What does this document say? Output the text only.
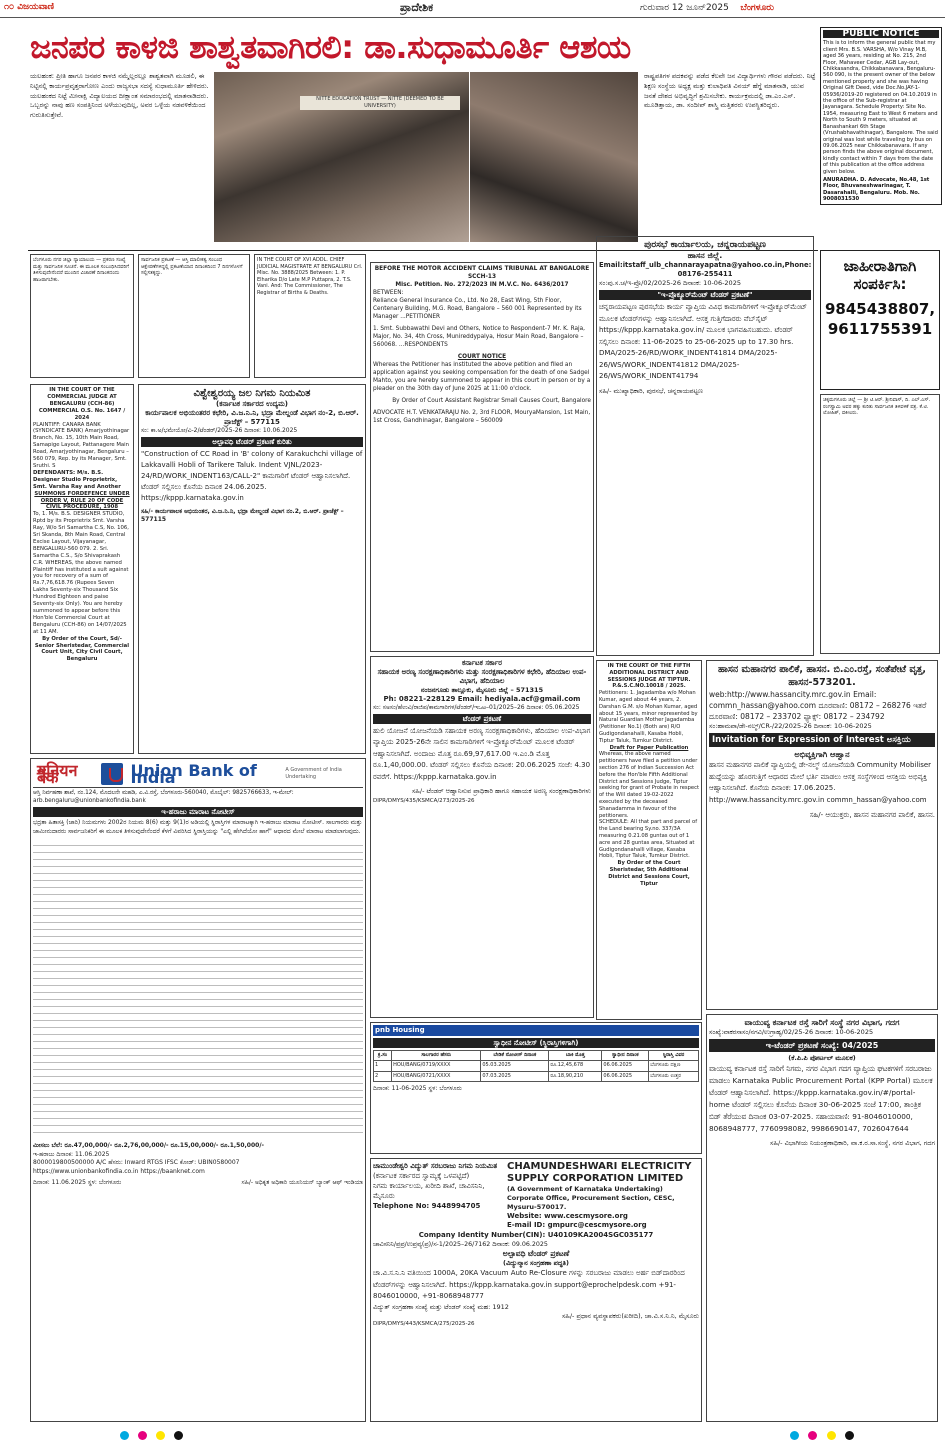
೧೦ ವಿಜಯವಾಣಿ	ಪ್ರಾದೇಶಿಕ	ಗುರುವಾರ 12 ಜೂನ್2025 ಬೆಂಗಳೂರು
ಜನಪರ ಕಾಳಜಿ ಶಾಶ್ವತವಾಗಿರಲಿ: ಡಾ.ಸುಧಾಮೂರ್ತಿ ಆಶಯ
ಯಲಹಂಕ: ಪ್ರೀತಿ ಹಾಗೂ ಜನಪರ ಕಾಳಜಿ ನಮ್ಮೆಲ್ಲರಲ್ಲೂ ಶಾಶ್ವತವಾಗಿ ಮೂಡಲಿ, ಈ ನಿಟ್ಟಿನಲ್ಲಿ ಕಾರ್ಯಪ್ರವೃತ್ತರಾಗೋಣ ಎಂದು ರಾಜ್ಯಸಭಾ ಸದಸ್ಯೆ ಸುಧಾಮೂರ್ತಿ ಹೇಳಿದರು. ಯಲಹಂಕದ ನಿಟ್ಟೆ ಮೀನಾಕ್ಷಿ ವಿದ್ಯಾಲಯದ ದೀಕ್ಷಾಂತ ಸಮಾರಂಭದಲ್ಲಿ ಮಾತನಾಡಿದರು. ಒಬ್ಬರನ್ನು ನಾವು ಹಣ ಸಂಪತ್ತಿನಿಂದ ಅಳೆಯುವುದಿಲ್ಲ, ಅವರ ಒಳ್ಳೆಯ ನಡವಳಿಕೆಯಿಂದ ಗುರುತಿಸುತ್ತೇವೆ.
NITTE EDUCATION TRUST — NITTE (DEEMED TO BE UNIVERSITY)
ರಾಷ್ಟ್ರಪತಿಗಳ ಪದಕವನ್ನು ಪಡೆದ ಕೆಲವೇ ಜನ ವಿದ್ಯಾರ್ಥಿಗಳು ಗೌರವ ಪಡೆದರು. ನಿಟ್ಟೆ ಶಿಕ್ಷಣ ಸಂಸ್ಥೆಯ ಅಧ್ಯಕ್ಷ ಮತ್ತು ಕುಲಾಧಿಪತಿ ವಿನಯ್ ಹೆಗ್ಡೆ ಮಾತನಾಡಿ, ಯುವ ಜನತೆ ದೇಶದ ಅಭಿವೃದ್ಧಿಗೆ ಶ್ರಮಿಸಬೇಕು. ಕಾರ್ಯಕ್ರಮದಲ್ಲಿ ಡಾ.ಎಂ.ಎಸ್. ಮೂಡಿತ್ತಾಯ, ಡಾ. ಸಂದೀಪ್ ಶಾಸ್ತ್ರಿ ಮತ್ತಿತರರು ಉಪಸ್ಥಿತರಿದ್ದರು.
PUBLIC NOTICE
This is to inform the general public that my client Mrs. B.S. VARSHA, W/o Vinay M.B, aged 36 years, residing at No. 215, 2nd Floor, Mahaveer Cedar, AGB Lay-out, Chikkasandra, Chikkabanavara, Bengaluru-560 090, is the present owner of the below mentioned property and she was having Original Gift Deed, vide Doc.No.JAY-1-05936/2019-20 registered on 04.10.2019 in the office of the Sub-registrar at Jayanagara. Schedule Property: Site No. 1954, measuring East to West 6 meters and North to South 9 meters, situated at Banashankari 6th Stage (Vrushabhavathinagar), Bangalore. The said original was lost while traveling by bus on 09.06.2025 near Chikkabanavara. If any person finds the above original document, kindly contact within 7 days from the date of this publication at the office address given below.
ANURADHA. D. Advocate, No.48, 1st Floor, Bhuvaneshwarinagar, T. Dasarahalli, Bengaluru. Mob. No. 9008031530
ಜಾಹೀರಾತಿಗಾಗಿ ಸಂಪರ್ಕಿಸಿ:
9845438807, 9611755391
ಬೆಂಗಳೂರು ನಗರ ಜಿಲ್ಲಾ ನ್ಯಾಯಾಲಯ — ಪ್ರಕರಣ ಸಂಖ್ಯೆ ಮತ್ತು ಸಾರ್ವಜನಿಕ ಸೂಚನೆ. ಈ ಮೂಲಕ ಸಂಬಂಧಿಸಿದವರಿಗೆ ತಿಳಿಸುವುದೇನೆಂದರೆ ಮುಂದಿನ ವಿಚಾರಣೆ ದಿನಾಂಕದಂದು ಹಾಜರಾಗಬೇಕು.
ಸಾರ್ವಜನಿಕ ಪ್ರಕಟಣೆ — ಆಸ್ತಿ ಮಾಲೀಕತ್ವ ಸಂಬಂಧ ಆಕ್ಷೇಪಣೆಗಳಿದ್ದಲ್ಲಿ ಪ್ರಕಟಣೆಯಾದ ದಿನಾಂಕದಿಂದ 7 ದಿನಗಳೊಳಗೆ ಸಲ್ಲಿಸತಕ್ಕದ್ದು.
IN THE COURT OF XVI ADDL. CHIEF JUDICIAL MAGISTRATE AT BENGALURU Crl. Misc. No. 3888/2025 Between: 1. P. Elharika D/o Late M.P Puttapra, 2. T.S. Vani. And: The Commissioner, The Registrar of Births & Deaths.
IN THE COURT OF THE COMMERCIAL JUDGE AT BENGALURU (CCH-86) COMMERCIAL O.S. No. 1647 / 2024
PLAINTIFF: CANARA BANK (SYNDICATE BANK) Amarjyothinagar Branch, No. 15, 10th Main Road, Samapige Layout, Pattanagere Main Road, Amarjyothinagar, Bengaluru – 560 079, Rep. by its Manager, Smt. Sruthi. S
DEFENDANTS: M/s. B.S. Designer Studio Proprietrix, Smt. Varsha Ray and Another
SUMMONS FORDEFENCE UNDER ORDER V, RULE 20 OF CODE CIVIL PROCEDURE, 1908
To, 1. M/s. B.S. DESIGNER STUDIO, Rptd by its Proprietrix Smt. Varsha Ray, W/o Sri Samartha C.S, No. 106, Sri Skanda, 8th Main Road, Central Excise Layout, Vijayanagar, BENGALURU-560 079. 2. Sri. Samartha C.S., S/o Shivaprakash C.R. WHEREAS, the above named Plaintiff has instituted a suit against you for recovery of a sum of Rs.7,76,618.76 (Rupees Seven Lakhs Seventy-six Thousand Six Hundred Eighteen and paise Seventy-six Only). You are hereby summoned to appear before this Hon'ble Commercial Court at Bengaluru (CCH-86) on 14/07/2025 at 11 AM.
By Order of the Court, Sd/- Senior Sheristedar, Commercial Court Unit, City Civil Court, Bengaluru
ವಿಶ್ವೇಶ್ವರಯ್ಯ ಜಲ ನಿಗಮ ನಿಯಮಿತ
(ಕರ್ನಾಟಕ ಸರ್ಕಾರದ ಉದ್ಯಮ)
ಕಾರ್ಯಪಾಲಕ ಅಭಿಯಂತರರ ಕಛೇರಿ, ವಿ.ಜ.ನಿ.ನಿ, ಭದ್ರಾ ಮೇಲ್ದಂಡೆ ವಿಭಾಗ ನಂ-2, ಬಿ.ಆರ್. ಪ್ರಾಜೆಕ್ಟ್ – 577115
ಸಂ: ಕಾ.ಅ/ಭಮೇಯೋ/ವಿ-2/ಟೆಂಡರ್/2025-26 ದಿನಾಂಕ: 10.06.2025
ಅಲ್ಪಾವಧಿ ಟೆಂಡರ್ ಪ್ರಕಟಣೆ ಕುರಿತು
"Construction of CC Road in 'B' colony of Karakuchchi village of Lakkavalli Hobli of Tarikere Taluk. Indent VJNL/2023-24/RD/WORK_INDENT163/CALL-2" ಕಾಮಗಾರಿಗೆ ಟೆಂಡರ್ ಆಹ್ವಾನಿಸಲಾಗಿದೆ. ಟೆಂಡರ್ ಸಲ್ಲಿಸಲು ಕೊನೆಯ ದಿನಾಂಕ 24.06.2025. https://kppp.karnataka.gov.in
ಸಹಿ/- ಕಾರ್ಯಪಾಲಕ ಅಭಿಯಂತರ, ವಿ.ಜ.ನಿ.ನಿ, ಭದ್ರಾ ಮೇಲ್ದಂಡೆ ವಿಭಾಗ ನಂ.2, ಬಿ.ಆರ್. ಪ್ರಾಜೆಕ್ಟ್ – 577115
BEFORE THE MOTOR ACCIDENT CLAIMS TRIBUNAL AT BANGALORE SCCH-13
Misc. Petition. No. 272/2023 IN M.V.C. No. 6436/2017
BETWEEN:
Reliance General Insurance Co., Ltd. No 28, East Wing, 5th Floor, Centenary Building, M.G. Road, Bangalore – 560 001 Represented by its Manager ...PETITIONER
1. Smt. Subbawathi Devi and Others, Notice to Respondent-7 Mr. K. Raja, Major, No. 34, 4th Cross, Munireddypalya, Hosur Main Road, Bangalore – 560068. ...RESPONDENTS
COURT NOTICE
Whereas the Petitioner has instituted the above petition and filed an application against you seeking compensation for the death of one Sadgel Mahto, you are hereby summoned to appear in this court in person or by a pleader on the 30th day of June 2025 at 11:00 o'clock.
By Order of Court Assistant Registrar Small Causes Court, Bangalore
ADVOCATE H.T. VENKATARAJU No. 2, 3rd FLOOR, MouryaMansion, 1st Main, 1st Cross, Gandhinagar, Bangalore – 560009
ಪುರಸಭೆ ಕಾರ್ಯಾಲಯ, ಚನ್ನರಾಯಪಟ್ಟಣ
ಹಾಸನ ಜಿಲ್ಲೆ.
Email:itstaff_ulb_channarayapatna@yahoo.co.in,Phone: 08176-255411
ಸಂ:ಪು.ಸ.ಚ/ಇ-ಪ್ರೊ/02/2025-26 ದಿನಾಂಕ: 10-06-2025
"ಇ-ಪ್ರೊಕ್ಯೂರ್‌ಮೆಂಟ್ ಟೆಂಡರ್ ಪ್ರಕಟಣೆ"
ಚನ್ನರಾಯಪಟ್ಟಣ ಪುರಸಭೆಯ ಕಾರ್ಯ ವ್ಯಾಪ್ತಿಯ ವಿವಿಧ ಕಾಮಗಾರಿಗಳಿಗೆ ಇ-ಪ್ರೊಕ್ಯೂರ್‌ಮೆಂಟ್ ಮೂಲಕ ಟೆಂಡರ್‌ಗಳನ್ನು ಆಹ್ವಾನಿಸಲಾಗಿದೆ. ಆಸಕ್ತ ಗುತ್ತಿಗೆದಾರರು ವೆಬ್‌ಸೈಟ್ https://kppp.karnataka.gov.in/ ಮೂಲಕ ಭಾಗವಹಿಸಬಹುದು. ಟೆಂಡರ್ ಸಲ್ಲಿಸಲು ದಿನಾಂಕ: 11-06-2025 to 25-06-2025 up to 17.30 hrs. DMA/2025-26/RD/WORK_INDENT41814 DMA/2025-26/WS/WORK_INDENT41812 DMA/2025-26/WS/WORK_INDENT41794
ಸಹಿ/- ಮುಖ್ಯಾಧಿಕಾರಿ, ಪುರಸಭೆ, ಚನ್ನರಾಯಪಟ್ಟಣ
ಚಿಕ್ಕಮಗಳೂರು ಜಿಲ್ಲೆ — ಶ್ರೀ ಟಿ.ಆರ್. ಶ್ರೀನಿವಾಸ್, ದಿ. ಎಲ್.ಎಸ್. ರಂಗಸ್ವಾಮಿ ಅವರ ಹಕ್ಕು ಕುರಿತು ಸಾರ್ವಜನಿಕ ತಿಳಿವಳಿಕೆ ಪತ್ರ. ಕೆ.ಟಿ. ಲೋಹಿತ್, ವಕೀಲರು.
ಕರ್ನಾಟಕ ಸರ್ಕಾರ
ಸಹಾಯಕ ಅರಣ್ಯ ಸಂರಕ್ಷಣಾಧಿಕಾರಿಗಳು ಮತ್ತು ಸಂರಕ್ಷಣಾಧಿಕಾರಿಗಳ ಕಛೇರಿ, ಹೆದಿಯಾಲ ಉಪ-ವಿಭಾಗ, ಹೆದಿಯಾಲ
ನಂಜನಗೂಡು ತಾಲ್ಲೂಕು, ಮೈಸೂರು ಜಿಲ್ಲೆ – 571315
Ph: 08221-228129 Email: hediyala.acf@gmail.com
ಸಂ: ಸಅಸಂ/ಹೆಉವಿ/ರಾಜಿಪ/ಕಾಮಗಾರಿಗಳ/ಟೆಂಡರ್/ಇಒಟ–01/2025–26 ದಿನಾಂಕ: 05.06.2025
ಟೆಂಡರ್ ಪ್ರಕಟಣೆ
ಹುಲಿ ಯೋಜನೆ ಯೋಜನೆಯಡಿ ಸಹಾಯಕ ಅರಣ್ಯ ಸಂರಕ್ಷಣಾಧಿಕಾರಿಗಳು, ಹೆದಿಯಾಲ ಉಪ-ವಿಭಾಗ ವ್ಯಾಪ್ತಿಯ 2025-26ನೇ ಸಾಲಿನ ಕಾಮಗಾರಿಗಳಿಗೆ ಇ-ಪ್ರೊಕ್ಯೂರ್‌ಮೆಂಟ್ ಮೂಲಕ ಟೆಂಡರ್ ಆಹ್ವಾನಿಸಲಾಗಿದೆ. ಅಂದಾಜು ಮೊತ್ತ ರೂ.69,97,617.00 ಇ.ಎಂ.ಡಿ ಮೊತ್ತ ರೂ.1,40,000.00. ಟೆಂಡರ್ ಸಲ್ಲಿಸಲು ಕೊನೆಯ ದಿನಾಂಕ: 20.06.2025 ಸಂಜೆ: 4.30 ರವರೆಗೆ. https://kppp.karnataka.gov.in
ಸಹಿ/- ಟೆಂಡರ್ ಆಹ್ವಾನಿಸುವ ಪ್ರಾಧಿಕಾರಿ ಹಾಗೂ ಸಹಾಯಕ ಅರಣ್ಯ ಸಂರಕ್ಷಣಾಧಿಕಾರಿಗಳು
DIPR/DMYS/435/KSMCA/273/2025-26
IN THE COURT OF THE FIFTH ADDITIONAL DISTRICT AND SESSIONS JUDGE AT TIPTUR.
P.&.S.C.NO.10018 / 2025.
Petitioners: 1. Jagadamba w/o Mohan Kumar, aged about 44 years, 2. Darshan G.M. s/o Mohan Kumar, aged about 15 years, minor represented by Natural Guardian Mother Jagadamba (Petitioner No.1) (Both are) R/O Gudigondanahalli, Kasaba Hobli, Tiptur Taluk, Tumkur District.
Draft for Paper Publication
Whereas, the above named petitioners have filed a petition under section 276 of Indian Succession Act before the Hon'ble Fifth Additional District and Sessions Judge, Tiptur seeking for grant of Probate in respect of the Will dated 19-02-2022 executed by the deceased Shanadamma in favour of the petitioners.
SCHEDULE: All that part and parcel of the Land bearing Sy.no. 337/3A measuring 0.21.08 guntas out of 1 acre and 28 guntas area, Situated at Gudigondanahalli village, Kasaba Hobli, Tiptur Taluk, Tumkur District.
By Order of the Court Sheristedar, 5th Additional District and Sessions Court, Tiptur
ಹಾಸನ ಮಹಾನಗರ ಪಾಲಿಕೆ, ಹಾಸನ. ಬಿ.ಎಂ.ರಸ್ತೆ, ಸಂತೆಪೇಟೆ ವೃತ್ತ, ಹಾಸನ-573201.
web:http://www.hassancity.mrc.gov.in Email: commn_hassan@yahoo.com ದೂರವಾಣಿ: 08172 – 268276 ಇತರೆ ದೂರವಾಣಿ: 08172 – 233702 ಫ್ಯಾಕ್ಸ್: 08172 – 234792
ಸಂ:ಹಾಮಪಾ/ಡೇ-ನಲ್ಮ್/CR-/22/2025-26 ದಿನಾಂಕ: 10-06-2025
Invitation for Expression of Interest ಅಸಕ್ತಿಯ
ಅಭಿವ್ಯಕ್ತಿಗಾಗಿ ಆಹ್ವಾನ
ಹಾಸನ ಮಹಾನಗರ ಪಾಲಿಕೆ ವ್ಯಾಪ್ತಿಯಲ್ಲಿ ಡೇ-ನಲ್ಮ್ ಯೋಜನೆಯಡಿ Community Mobiliser ಹುದ್ದೆಯನ್ನು ಹೊರಗುತ್ತಿಗೆ ಆಧಾರದ ಮೇಲೆ ಭರ್ತಿ ಮಾಡಲು ಆಸಕ್ತ ಸಂಸ್ಥೆಗಳಿಂದ ಆಸಕ್ತಿಯ ಅಭಿವ್ಯಕ್ತಿ ಆಹ್ವಾನಿಸಲಾಗಿದೆ. ಕೊನೆಯ ದಿನಾಂಕ: 17.06.2025. http://www.hassancity.mrc.gov.in commn_hassan@yahoo.com
ಸಹಿ/- ಆಯುಕ್ತರು, ಹಾಸನ ಮಹಾನಗರ ಪಾಲಿಕೆ, ಹಾಸನ.
यूनियन बैंक	Union Bank of India	A Government of India Undertaking
ಆಸ್ತಿ ನಿರ್ವಹಣಾ ಶಾಖೆ, ನಂ.124, ಮೊದಲನೇ ಮಹಡಿ, ಎ.ವಿ.ರಸ್ತೆ, ಬೆಂಗಳೂರು-560040, ಮೊಬೈಲ್: 9825766633, ಇ-ಮೇಲ್: arb.bengaluru@unionbankofindia.bank
ಇ-ಹರಾಜು ಮಾರಾಟ ನೋಟೀಸ್
ಭದ್ರತಾ ಹಿತಾಸಕ್ತಿ (ಜಾರಿ) ನಿಯಮಗಳು 2002ರ ನಿಯಮ 8(6) ಮತ್ತು 9(1)ರ ಅಡಿಯಲ್ಲಿ ಸ್ಥಿರಾಸ್ತಿಗಳ ಮಾರಾಟಕ್ಕಾಗಿ ಇ-ಹರಾಜು ಮಾರಾಟ ನೋಟೀಸ್. ಸಾಲಗಾರರು ಮತ್ತು ಜಾಮೀನುದಾರರು ಸಾರ್ವಜನಿಕರಿಗೆ ಈ ಮೂಲಕ ತಿಳಿಸುವುದೇನೆಂದರೆ ಕೆಳಗೆ ವಿವರಿಸಿದ ಸ್ಥಿರಾಸ್ತಿಯನ್ನು "ಎಲ್ಲಿ ಹೇಗಿದೆಯೋ ಹಾಗೆ" ಆಧಾರದ ಮೇಲೆ ಮಾರಾಟ ಮಾಡಲಾಗುವುದು.
ಮೀಸಲು ಬೆಲೆ: ರೂ.47,00,000/- ರೂ.2,76,00,000/- ರೂ.15,00,000/- ರೂ.1,50,000/-
ಇ-ಹರಾಜು ದಿನಾಂಕ: 11.06.2025
8000019800500000 A/C ಹೆಸರು: Inward RTGS IFSC ಕೋಡ್: UBIN0580007
https://www.unionbankofindia.co.in https://baanknet.com
ದಿನಾಂಕ: 11.06.2025 ಸ್ಥಳ: ಬೆಂಗಳೂರು	ಸಹಿ/- ಅಧಿಕೃತ ಅಧಿಕಾರಿ ಯೂನಿಯನ್ ಬ್ಯಾಂಕ್ ಆಫ್ ಇಂಡಿಯಾ
pnb Housing
ಸ್ವಾಧೀನ ನೋಟೀಸ್ (ಸ್ಥಿರಾಸ್ತಿಗಳಿಗಾಗಿ)
ಕ್ರ.ಸಂ	ಸಾಲಗಾರರ ಹೆಸರು	ಬೇಡಿಕೆ ನೋಟೀಸ್ ದಿನಾಂಕ	ಬಾಕಿ ಮೊತ್ತ	ಸ್ವಾಧೀನ ದಿನಾಂಕ	ಸ್ಥಿರಾಸ್ತಿ ವಿವರ
1	HOU/BANG/0719/XXXX	05.03.2025	ರೂ.12,45,678	06.06.2025	ಬೆಂಗಳೂರು ದಕ್ಷಿಣ
2	HOU/BANG/0721/XXXX	07.03.2025	ರೂ.18,90,210	06.06.2025	ಬೆಂಗಳೂರು ಉತ್ತರ
ದಿನಾಂಕ: 11-06-2025 ಸ್ಥಳ: ಬೆಂಗಳೂರು
ಚಾಮುಂಡೇಶ್ವರಿ ವಿದ್ಯುತ್ ಸರಬರಾಜು ನಿಗಮ ನಿಯಮಿತ
(ಕರ್ನಾಟಕ ಸರ್ಕಾರದ ಸ್ವಾಮ್ಯಕ್ಕೆ ಒಳಪಟ್ಟಿದೆ)
ನಿಗಮ ಕಾರ್ಯಾಲಯ, ಖರೀದಿ ಶಾಖೆ, ಚಾವಿಸನಿನಿ, ಮೈಸೂರು
Telephone No: 9448994705
CHAMUNDESHWARI ELECTRICITY SUPPLY CORPORATION LIMITED
(A Government of Karnataka Undertaking) Corporate Office, Procurement Section, CESC, Mysuru-570017.
Website: www.cescmysore.org
E-mail ID: gmpurc@cescmysore.org
Company Identity Number(CIN): U40109KA2004SGC035177
ಚಾವಿಸನಿನಿ/ಪ್ರಪ್ರ/ಉಪ್ರವ್ಯ(ಪ್ರ)/ಸ-1/2025–26/7162 ದಿನಾಂಕ: 09.06.2025
ಅಲ್ಪಾವಧಿ ಟೆಂಡರ್ ಪ್ರಕಟಣೆ
(ವಿದ್ಯುನ್ಮಾನ ಸಂಗ್ರಹಣಾ ಪದ್ಧತಿ)
ಚಾ.ವಿ.ಸ.ನಿ.ನಿ ವತಿಯಿಂದ 1000A, 20KA Vacuum Auto Re-Closure ಗಳನ್ನು ಸರಬರಾಜು ಮಾಡಲು ಅರ್ಹ ಬಿಡ್‌ದಾರರಿಂದ ಟೆಂಡರ್‌ಗಳನ್ನು ಆಹ್ವಾನಿಸಲಾಗಿದೆ. https://kppp.karnataka.gov.in support@eproc​helpdesk.com +91-8046010000, +91-8068948777
ವಿದ್ಯುತ್ ಸಂಗ್ರಹಣಾ ಸಂಖ್ಯೆ ಮತ್ತು ಟೆಂಡರ್ ಸಂಖ್ಯೆ ಮಹ: 1912
ಸಹಿ/- ಪ್ರಧಾನ ವ್ಯವಸ್ಥಾಪಕರು(ಖರೀದಿ), ಚಾ.ವಿ.ಸ.ನಿ.ನಿ, ಮೈಸೂರು
DIPR/DMYS/443/KSMCA/275/2025-26
ವಾಯುವ್ಯ ಕರ್ನಾಟಕ ರಸ್ತೆ ಸಾರಿಗೆ ಸಂಸ್ಥೆ ನಗರ ವಿಭಾಗ, ಗದಗ
ಸಂಖ್ಯೆ:ವಾಕರಸಾಸಂ/ನಗವಿ/ಉಗ್ರಾಹ್ಯ/02/25-26 ದಿನಾಂಕ: 10-06-2025
ಇ-ಟೆಂಡರ್ ಪ್ರಕಟಣೆ ಸಂಖ್ಯೆ: 04/2025
(ಕೆ.ಪಿ.ಪಿ ಪೋರ್ಟಲ್ ಮೂಲಕ)
ವಾಯುವ್ಯ ಕರ್ನಾಟಕ ರಸ್ತೆ ಸಾರಿಗೆ ನಿಗಮ, ನಗರ ವಿಭಾಗ ಗದಗ ವ್ಯಾಪ್ತಿಯ ಘಟಕಗಳಿಗೆ ಸರಬರಾಜು ಮಾಡಲು Karnataka Public Procurement Portal (KPP Portal) ಮೂಲಕ ಟೆಂಡರ್ ಆಹ್ವಾನಿಸಲಾಗಿದೆ. https://kppp.karnataka.gov.in/#/portal-home ಟೆಂಡರ್ ಸಲ್ಲಿಸಲು ಕೊನೆಯ ದಿನಾಂಕ 30-06-2025 ಸಂಜೆ 17:00, ತಾಂತ್ರಿಕ ಬಿಡ್ ತೆರೆಯುವ ದಿನಾಂಕ 03-07-2025. ಸಹಾಯವಾಣಿ: 91-8046010000, 8068948777, 7760998082, 9986690147, 7026047644
ಸಹಿ/- ವಿಭಾಗೀಯ ನಿಯಂತ್ರಣಾಧಿಕಾರಿ, ವಾ.ಕ.ರ.ಸಾ.ಸಂಸ್ಥೆ, ನಗರ ವಿಭಾಗ, ಗದಗ
